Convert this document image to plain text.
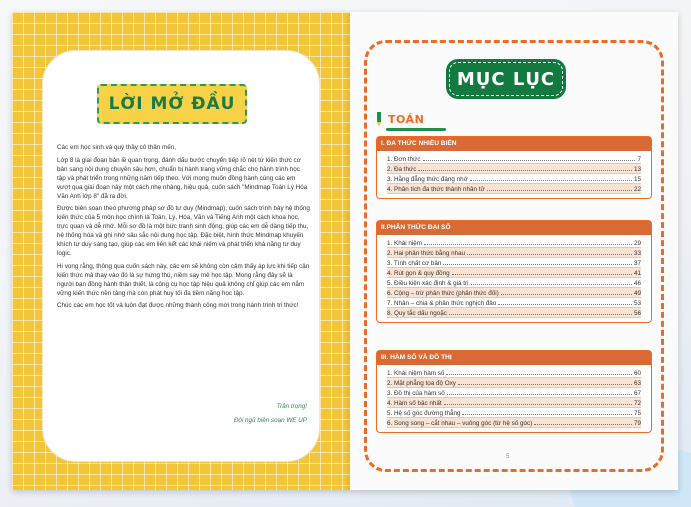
LỜI MỞ ĐẦU

Các em học sinh và quý thầy cô thân mến,

Lớp 8 là giai đoạn bản lề quan trọng, đánh dấu bước chuyển tiếp rõ nét từ kiến thức cơ bản sang nội dung chuyên sâu hơn, chuẩn bị hành trang vững chắc cho hành trình học tập và phát triển trong những năm tiếp theo. Với mong muốn đồng hành cùng các em vượt qua giai đoạn này một cách nhẹ nhàng, hiệu quả, cuốn sách "Mindmap Toán Lý Hóa Văn Anh lớp 8" đã ra đời.

Được biên soạn theo phương pháp sơ đồ tư duy (Mindmap), cuốn sách trình bày hệ thống kiến thức của 5 môn học chính là Toán, Lý, Hóa, Văn và Tiếng Anh một cách khoa học, trực quan và dễ nhớ. Mỗi sơ đồ là một bức tranh sinh động, giúp các em dễ dàng tiếp thu, hệ thống hóa và ghi nhớ sâu sắc nội dung học tập. Đặc biệt, hình thức Mindmap khuyến khích tư duy sáng tạo, giúp các em liên kết các khái niệm và phát triển khả năng tư duy logic.

Hi vọng rằng, thông qua cuốn sách này, các em sẽ không còn cảm thấy áp lực khi tiếp cận kiến thức mà thay vào đó là sự hứng thú, niềm say mê học tập. Mong rằng đây sẽ là người bạn đồng hành thân thiết, là công cụ học tập hiệu quả không chỉ giúp các em nắm vững kiến thức nền tảng mà còn phát huy tối đa tiềm năng học tập.

Chúc các em học tốt và luôn đạt được những thành công mới trong hành trình tri thức!

Trân trọng!
Đội ngũ biên soạn WE UP
MỤC LỤC
TOÁN
I. ĐA THỨC NHIỀU BIẾN
1. Đơn thức	7
2. Đa thức	13
3. Hằng đẳng thức đáng nhớ	15
4. Phân tích đa thức thành nhân tử	22
II.PHÂN THỨC ĐẠI SỐ
1. Khái niệm	29
2. Hai phân thức bằng nhau	33
3. Tính chất cơ bản	37
4. Rút gọn & quy đồng	41
5. Điều kiện xác định & giá trị	46
6. Cộng – trừ phân thức (phân thức đối)	49
7. Nhân – chia & phân thức nghịch đảo	53
8. Quy tắc dấu ngoặc	56
III. HÀM SỐ VÀ ĐỒ THỊ
1. Khái niệm hàm số	60
2. Mặt phẳng tọa độ Oxy	63
3. Đồ thị của hàm số	67
4. Hàm số bậc nhất	72
5. Hệ số góc đường thẳng	75
6. Song song – cắt nhau – vuông góc (từ hệ số góc)	79
5
